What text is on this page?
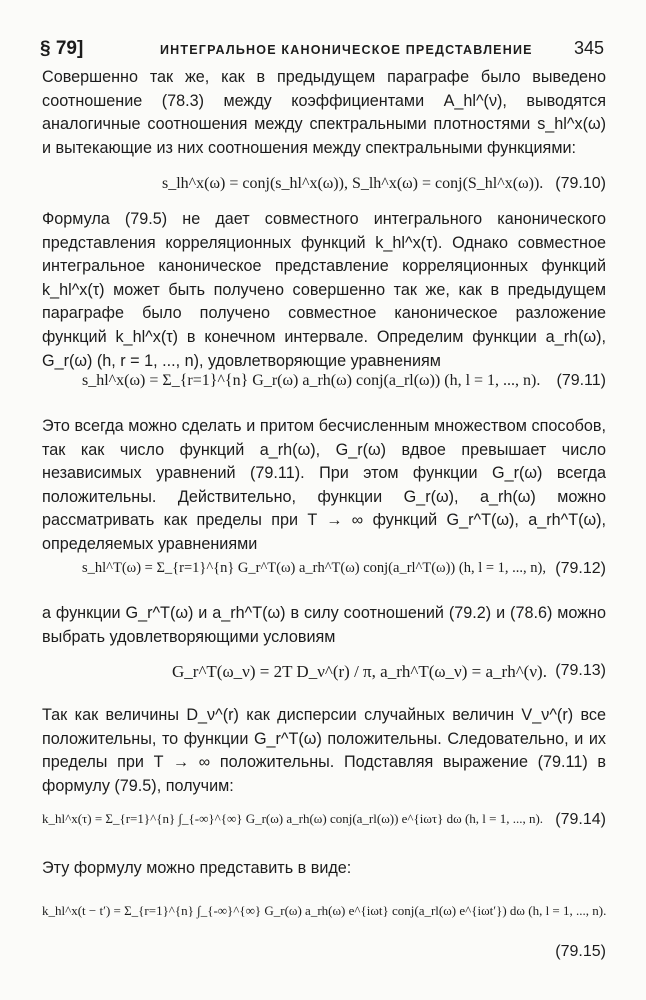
§ 79]	ИНТЕГРАЛЬНОЕ КАНОНИЧЕСКОЕ ПРЕДСТАВЛЕНИЕ 345

Совершенно так же, как в предыдущем параграфе было выведено соотношение (78.3) между коэффициентами A_hl^(ν), выводятся аналогичные соотношения между спектральными плотностями s_hl^x(ω) и вытекающие из них соотношения между спектральными функциями:

s_lh^x(ω) = conj(s_hl^x(ω)), S_lh^x(ω) = conj(S_hl^x(ω)). (79.10)

Формула (79.5) не дает совместного интегрального канонического представления корреляционных функций k_hl^x(τ). Однако совместное интегральное каноническое представление корреляционных функций k_hl^x(τ) может быть получено совершенно так же, как в предыдущем параграфе было получено совместное каноническое разложение функций k_hl^x(τ) в конечном интервале. Определим функции a_rh(ω), G_r(ω) (h, r = 1, ..., n), удовлетворяющие уравнениям

s_hl^x(ω) = Σ_{r=1}^{n} G_r(ω) a_rh(ω) conj(a_rl(ω)) (h, l = 1, ..., n). (79.11)

Это всегда можно сделать и притом бесчисленным множеством способов, так как число функций a_rh(ω), G_r(ω) вдвое превышает число независимых уравнений (79.11). При этом функции G_r(ω) всегда положительны. Действительно, функции G_r(ω), a_rh(ω) можно рассматривать как пределы при T → ∞ функций G_r^T(ω), a_rh^T(ω), определяемых уравнениями

s_hl^T(ω) = Σ_{r=1}^{n} G_r^T(ω) a_rh^T(ω) conj(a_rl^T(ω)) (h, l = 1, ..., n), (79.12)

а функции G_r^T(ω) и a_rh^T(ω) в силу соотношений (79.2) и (78.6) можно выбрать удовлетворяющими условиям

G_r^T(ω_ν) = 2T D_ν^(r) / π, a_rh^T(ω_ν) = a_rh^(ν). (79.13)

Так как величины D_ν^(r) как дисперсии случайных величин V_ν^(r) все положительны, то функции G_r^T(ω) положительны. Следовательно, и их пределы при T → ∞ положительны. Подставляя выражение (79.11) в формулу (79.5), получим:

k_hl^x(τ) = Σ_{r=1}^{n} ∫_{-∞}^{∞} G_r(ω) a_rh(ω) conj(a_rl(ω)) e^{iωτ} dω (h, l = 1, ..., n). (79.14)

Эту формулу можно представить в виде:

k_hl^x(t − t′) = Σ_{r=1}^{n} ∫_{-∞}^{∞} G_r(ω) a_rh(ω) e^{iωt} conj(a_rl(ω) e^{iωt′}) dω (h, l = 1, ..., n).
(79.15)
